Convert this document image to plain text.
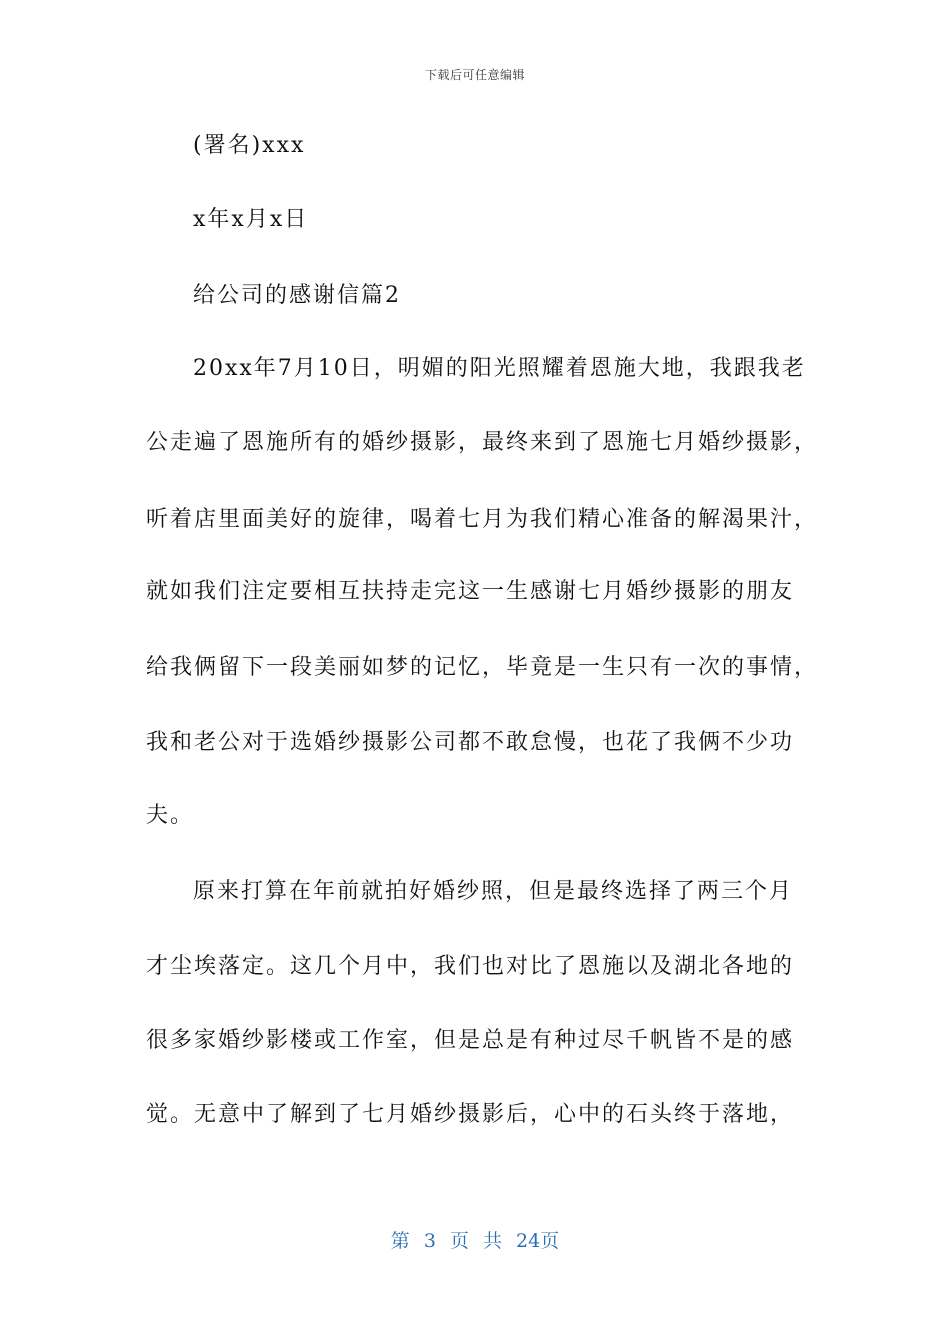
下载后可任意编辑
(署名)xxx
x年x月x日
给公司的感谢信篇2
20xx年7月10日，明媚的阳光照耀着恩施大地，我跟我老
公走遍了恩施所有的婚纱摄影，最终来到了恩施七月婚纱摄影，
听着店里面美好的旋律，喝着七月为我们精心准备的解渴果汁，
就如我们注定要相互扶持走完这一生感谢七月婚纱摄影的朋友
给我俩留下一段美丽如梦的记忆，毕竟是一生只有一次的事情，
我和老公对于选婚纱摄影公司都不敢怠慢，也花了我俩不少功
夫。
原来打算在年前就拍好婚纱照，但是最终选择了两三个月
才尘埃落定。这几个月中，我们也对比了恩施以及湖北各地的
很多家婚纱影楼或工作室，但是总是有种过尽千帆皆不是的感
觉。无意中了解到了七月婚纱摄影后，心中的石头终于落地，
第 3 页 共 24页
